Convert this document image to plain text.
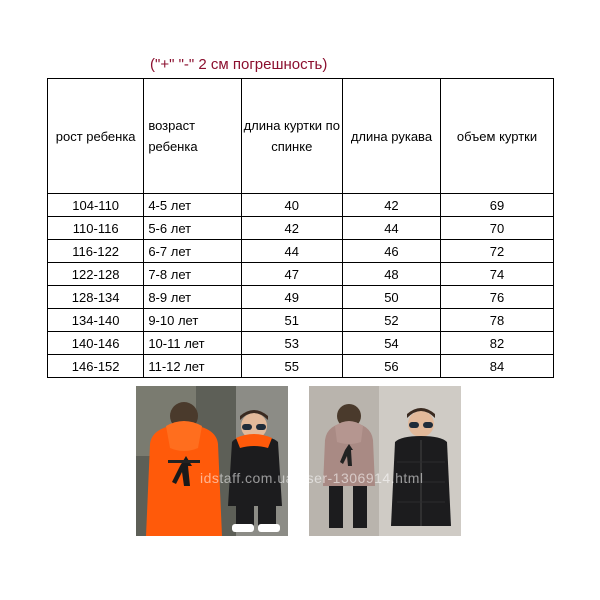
("+" "-" 2 см погрешность)
рост ребенка	возраст ребенка	длина куртки по спинке	длина рукава	объем куртки
104-110	4-5 лет	40	42	69
110-116	5-6 лет	42	44	70
116-122	6-7 лет	44	46	72
122-128	7-8 лет	47	48	74
128-134	8-9 лет	49	50	76
134-140	9-10 лет	51	52	78
140-146	10-11 лет	53	54	82
146-152	11-12 лет	55	56	84
idstaff.com.ua/user-1306914.html
